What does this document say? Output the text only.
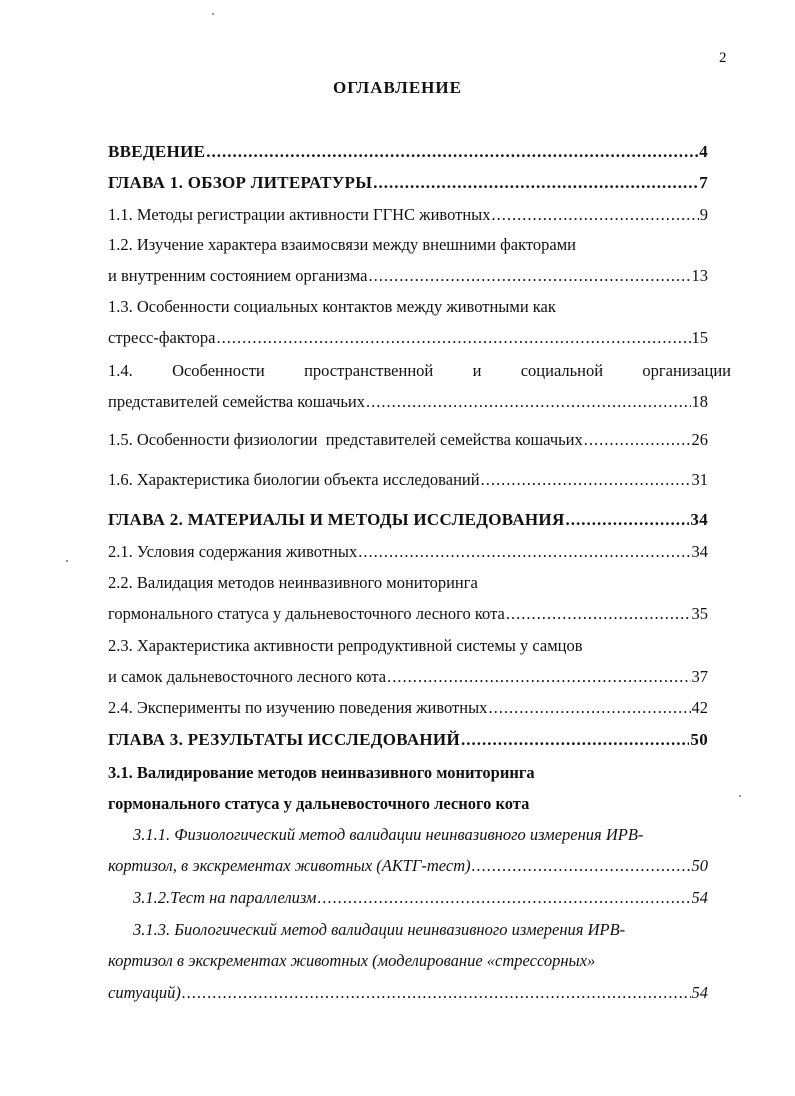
2
ОГЛАВЛЕНИЕ
ВВЕДЕНИЕ .....	4
ГЛАВА 1. ОБЗОР ЛИТЕРАТУРЫ .....	7
1.1. Методы регистрации активности ГГНС животных .....	9
1.2. Изучение характера взаимосвязи между внешними факторами
и внутренним состоянием организма .....	13
1.3. Особенности социальных контактов между животными как
стресс-фактора .....	15
1.4. Особенности пространственной и социальной организации
представителей семейства кошачьих .....	18
1.5. Особенности физиологии  представителей семейства кошачьих .....	26
1.6. Характеристика биологии объекта исследований .....	31
ГЛАВА 2. МАТЕРИАЛЫ И МЕТОДЫ ИССЛЕДОВАНИЯ .....	34
2.1. Условия содержания животных .....	34
2.2. Валидация методов неинвазивного мониторинга
гормонального статуса у дальневосточного лесного кота .....	35
2.3. Характеристика активности репродуктивной системы у самцов
и самок дальневосточного лесного кота .....	37
2.4. Эксперименты по изучению поведения животных .....	42
ГЛАВА 3. РЕЗУЛЬТАТЫ ИССЛЕДОВАНИЙ .....	50
3.1. Валидирование методов неинвазивного мониторинга
гормонального статуса у дальневосточного лесного кота
3.1.1. Физиологический метод валидации неинвазивного измерения ИРВ-
кортизол, в экскрементах животных (АКТГ-тест) .....	50
3.1.2.Тест на параллелизм .....	54
3.1.3. Биологический метод валидации неинвазивного измерения ИРВ-
кортизол в экскрементах животных (моделирование «стрессорных»
ситуаций) .....	54
